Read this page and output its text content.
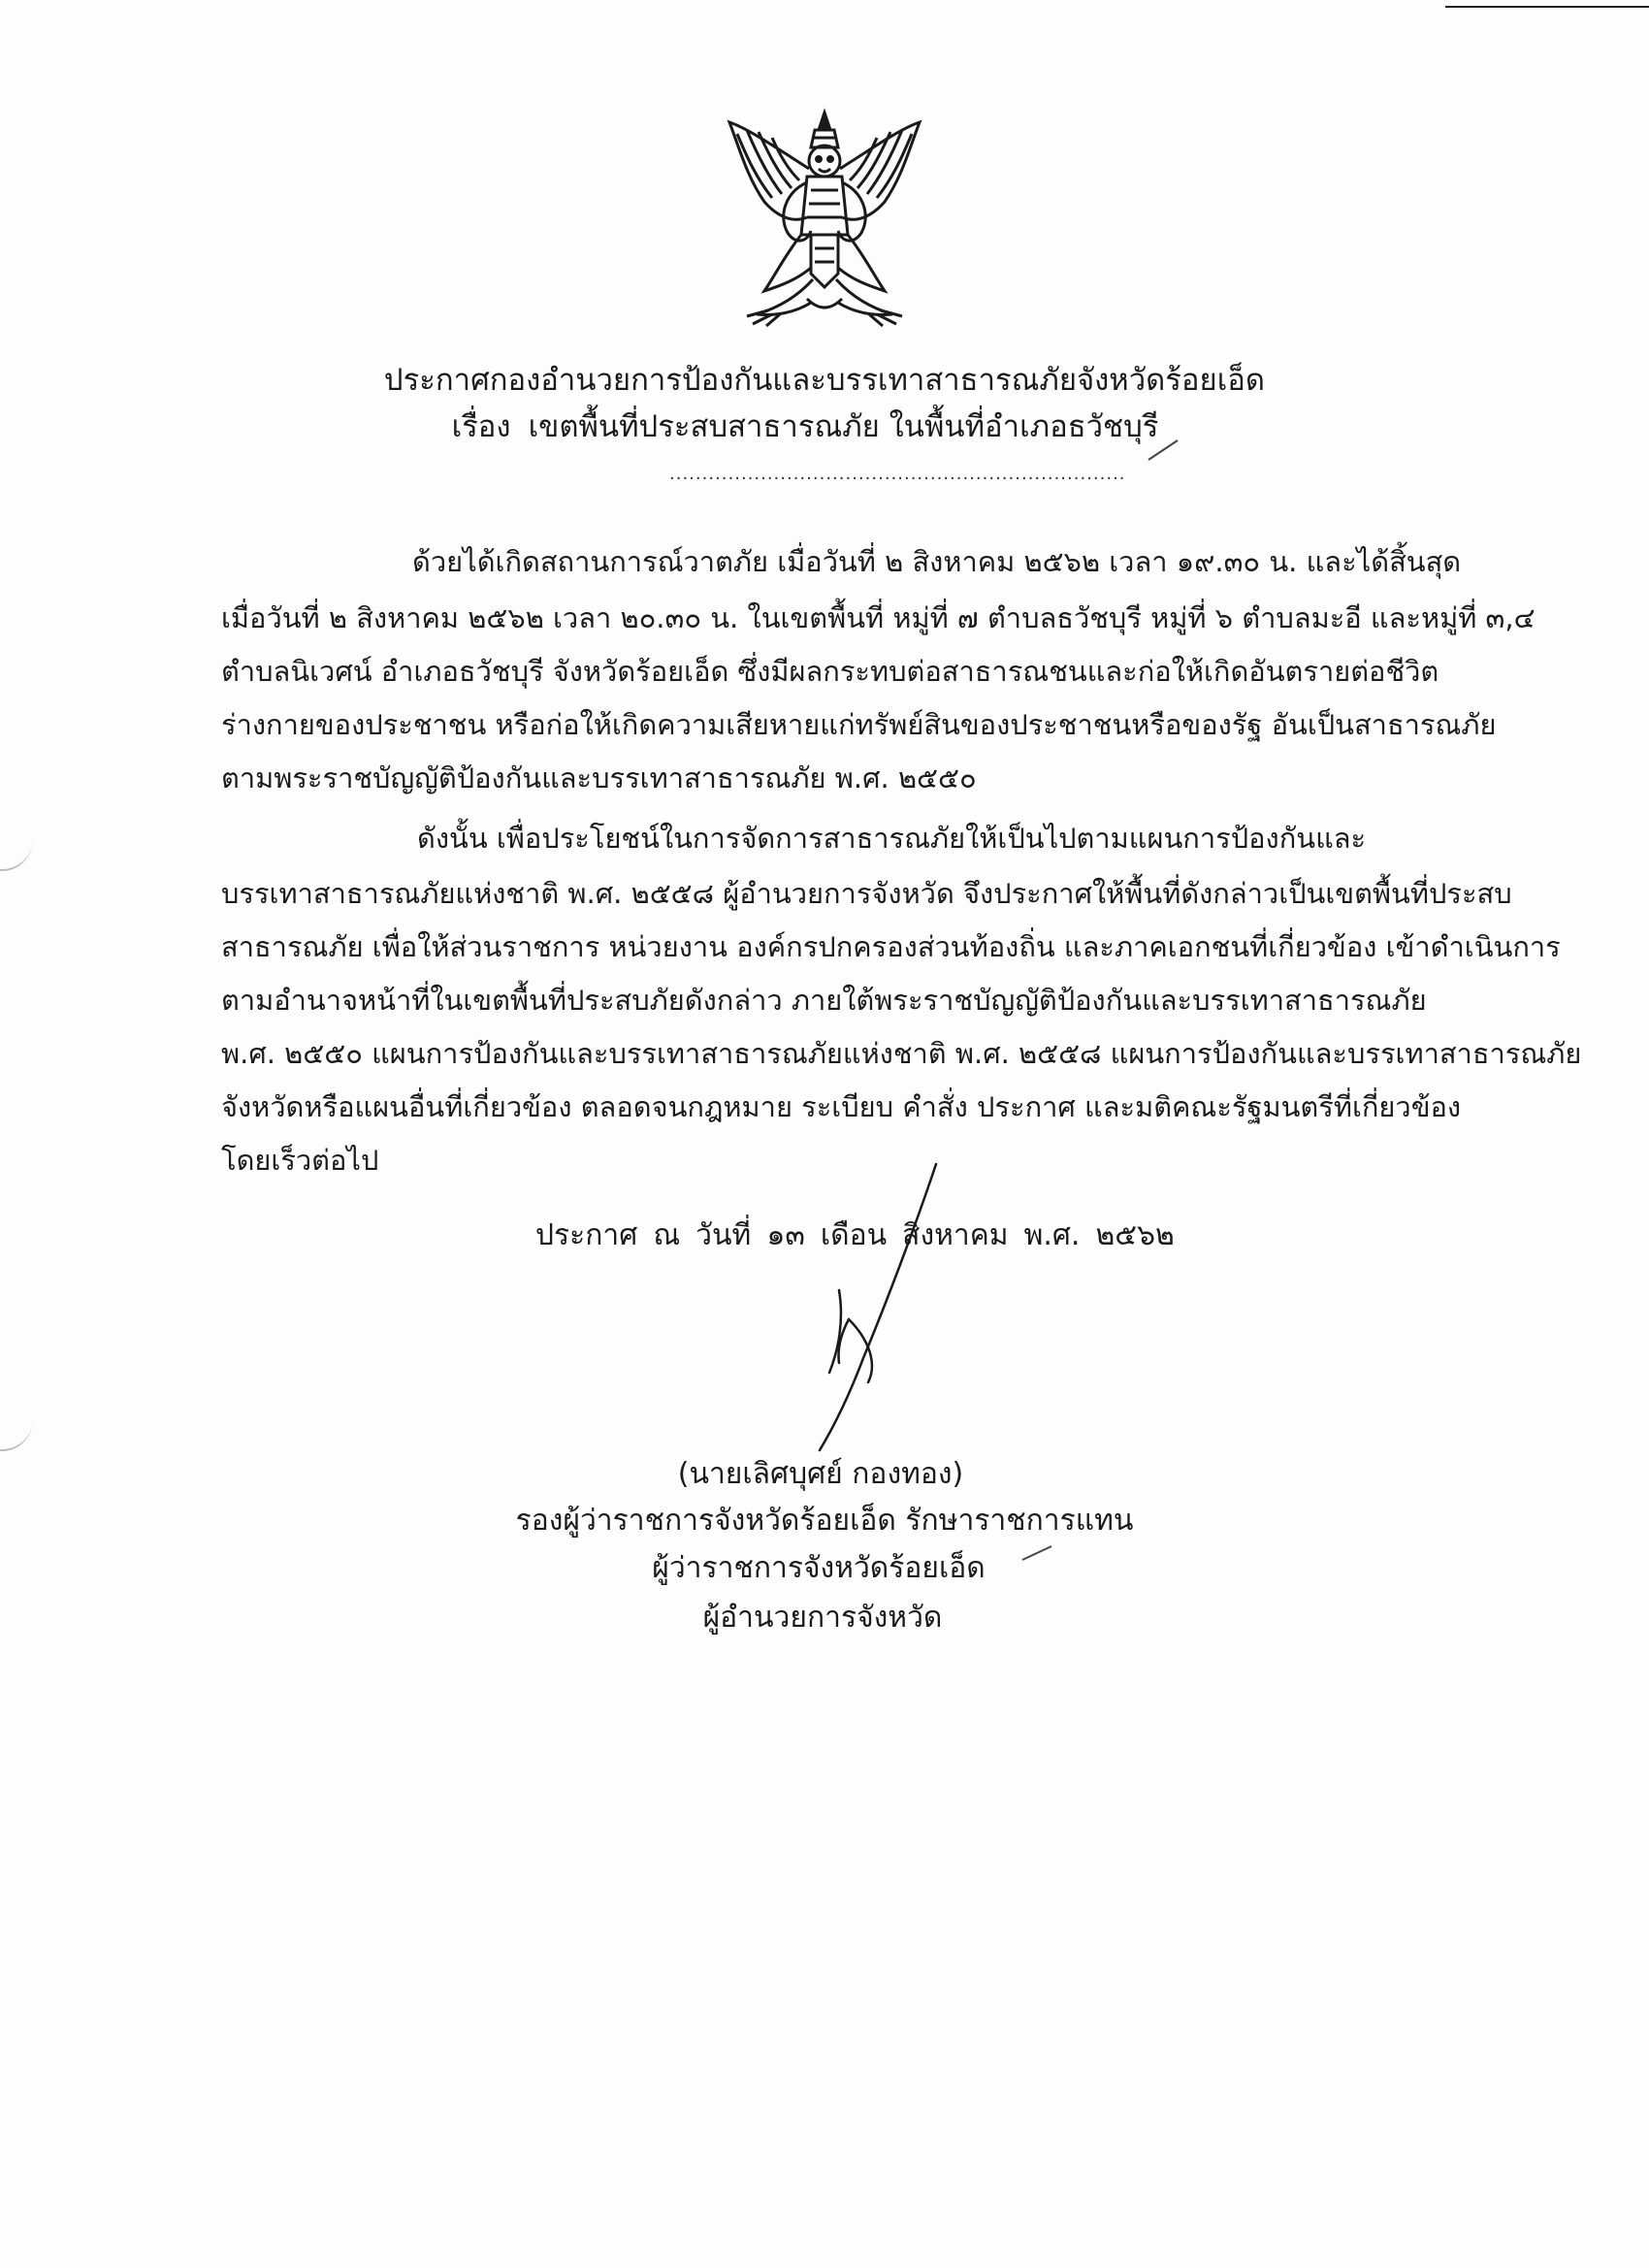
ประกาศกองอำนวยการป้องกันและบรรเทาสาธารณภัยจังหวัดร้อยเอ็ด
เรื่อง เขตพื้นที่ประสบสาธารณภัย ในพื้นที่อำเภอธวัชบุรี
......................................................................
ด้วยได้เกิดสถานการณ์วาตภัย เมื่อวันที่ ๒ สิงหาคม ๒๕๖๒ เวลา ๑๙.๓๐ น. และได้สิ้นสุด
เมื่อวันที่ ๒ สิงหาคม ๒๕๖๒ เวลา ๒๐.๓๐ น. ในเขตพื้นที่ หมู่ที่ ๗ ตำบลธวัชบุรี หมู่ที่ ๖ ตำบลมะอี และหมู่ที่ ๓,๔
ตำบลนิเวศน์ อำเภอธวัชบุรี จังหวัดร้อยเอ็ด ซึ่งมีผลกระทบต่อสาธารณชนและก่อให้เกิดอันตรายต่อชีวิต
ร่างกายของประชาชน หรือก่อให้เกิดความเสียหายแก่ทรัพย์สินของประชาชนหรือของรัฐ อันเป็นสาธารณภัย
ตามพระราชบัญญัติป้องกันและบรรเทาสาธารณภัย พ.ศ. ๒๕๕๐
ดังนั้น เพื่อประโยชน์ในการจัดการสาธารณภัยให้เป็นไปตามแผนการป้องกันและ
บรรเทาสาธารณภัยแห่งชาติ พ.ศ. ๒๕๕๘ ผู้อำนวยการจังหวัด จึงประกาศให้พื้นที่ดังกล่าวเป็นเขตพื้นที่ประสบ
สาธารณภัย เพื่อให้ส่วนราชการ หน่วยงาน องค์กรปกครองส่วนท้องถิ่น และภาคเอกชนที่เกี่ยวข้อง เข้าดำเนินการ
ตามอำนาจหน้าที่ในเขตพื้นที่ประสบภัยดังกล่าว ภายใต้พระราชบัญญัติป้องกันและบรรเทาสาธารณภัย
พ.ศ. ๒๕๕๐ แผนการป้องกันและบรรเทาสาธารณภัยแห่งชาติ พ.ศ. ๒๕๕๘ แผนการป้องกันและบรรเทาสาธารณภัย
จังหวัดหรือแผนอื่นที่เกี่ยวข้อง ตลอดจนกฎหมาย ระเบียบ คำสั่ง ประกาศ และมติคณะรัฐมนตรีที่เกี่ยวข้อง
โดยเร็วต่อไป
ประกาศ ณ วันที่ ๑๓ เดือน สิงหาคม พ.ศ. ๒๕๖๒
(นายเลิศบุศย์ กองทอง)
รองผู้ว่าราชการจังหวัดร้อยเอ็ด รักษาราชการแทน
ผู้ว่าราชการจังหวัดร้อยเอ็ด
ผู้อำนวยการจังหวัด
